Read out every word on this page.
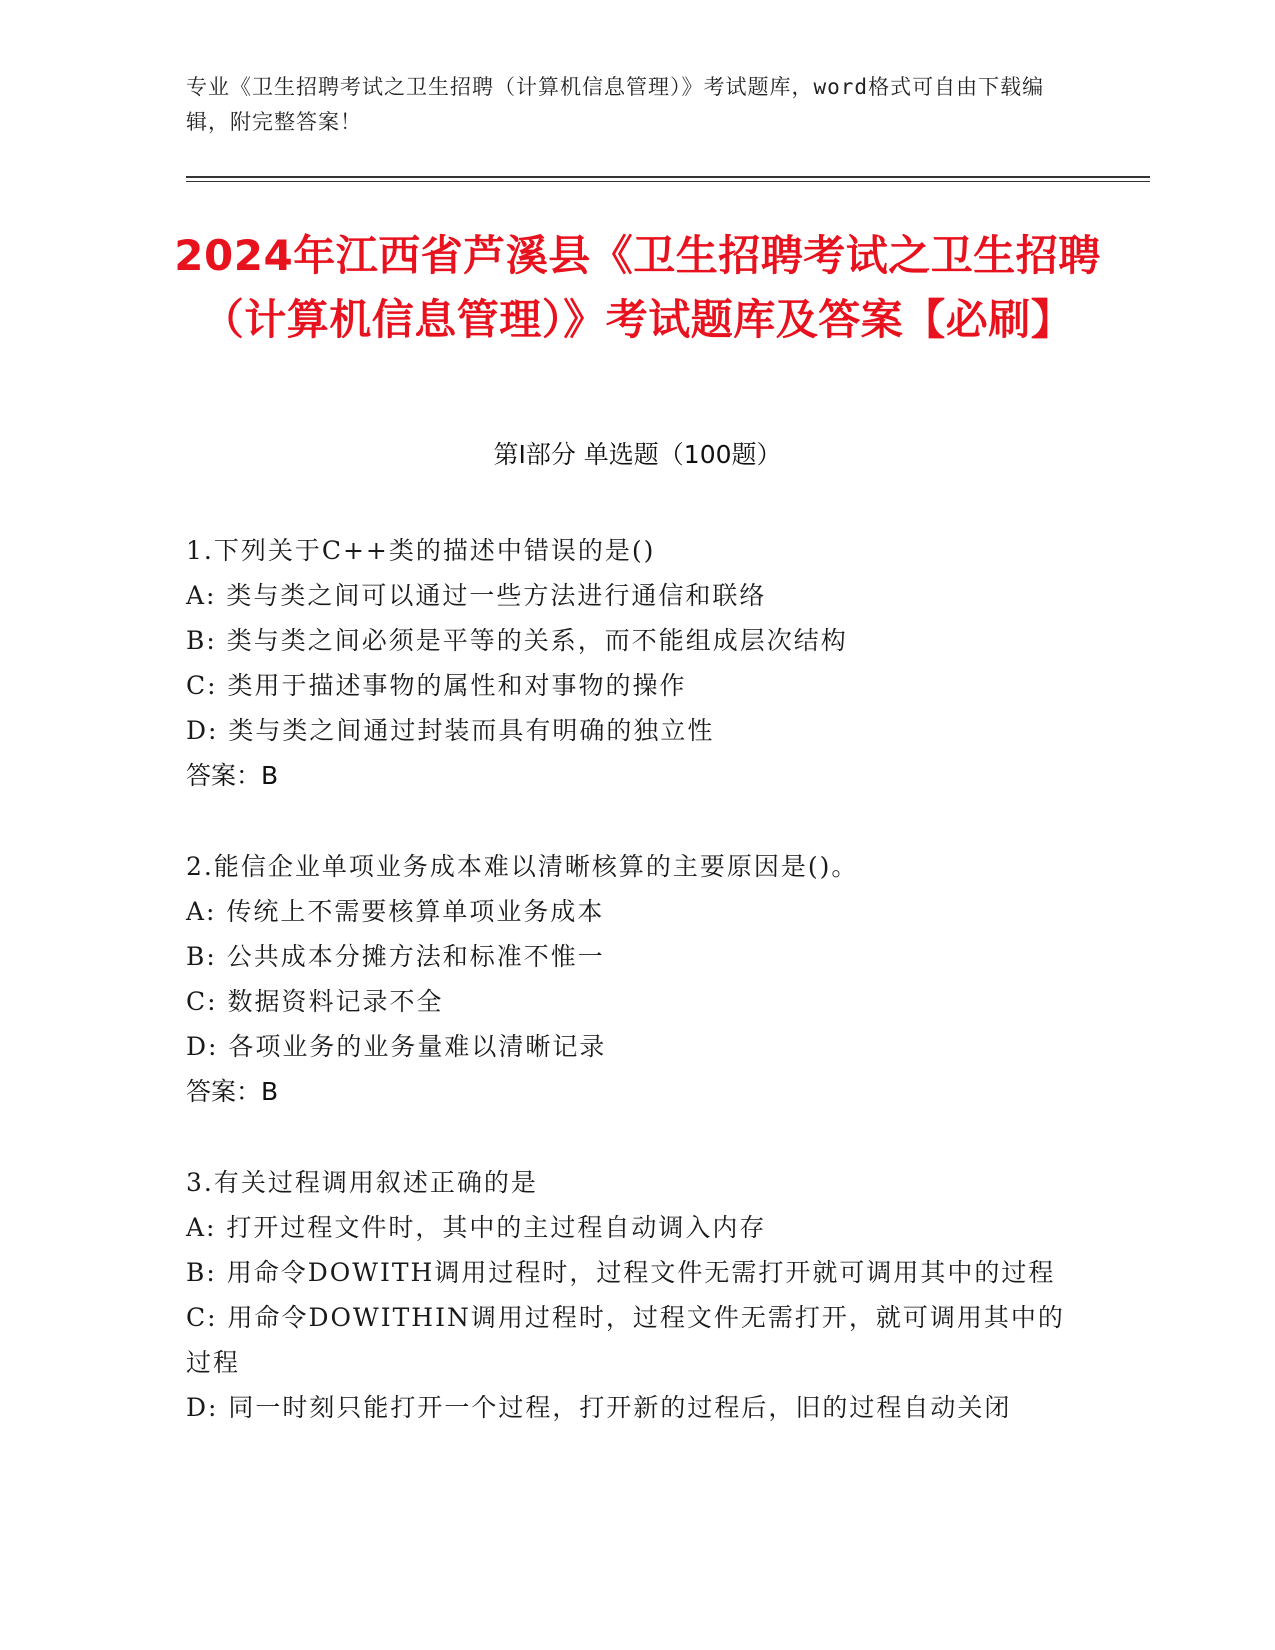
专业《卫生招聘考试之卫生招聘（计算机信息管理）》考试题库，word格式可自由下载编辑，附完整答案！
2024年江西省芦溪县《卫生招聘考试之卫生招聘（计算机信息管理）》考试题库及答案【必刷】
第I部分 单选题（100题）
1.下列关于C++类的描述中错误的是()
A: 类与类之间可以通过一些方法进行通信和联络
B: 类与类之间必须是平等的关系，而不能组成层次结构
C: 类用于描述事物的属性和对事物的操作
D: 类与类之间通过封装而具有明确的独立性
答案：B
2.能信企业单项业务成本难以清晰核算的主要原因是()。
A: 传统上不需要核算单项业务成本
B: 公共成本分摊方法和标准不惟一
C: 数据资料记录不全
D: 各项业务的业务量难以清晰记录
答案：B
3.有关过程调用叙述正确的是
A: 打开过程文件时，其中的主过程自动调入内存
B: 用命令DOWITH调用过程时，过程文件无需打开就可调用其中的过程
C: 用命令DOWITHIN调用过程时，过程文件无需打开，就可调用其中的过程
D: 同一时刻只能打开一个过程，打开新的过程后，旧的过程自动关闭
